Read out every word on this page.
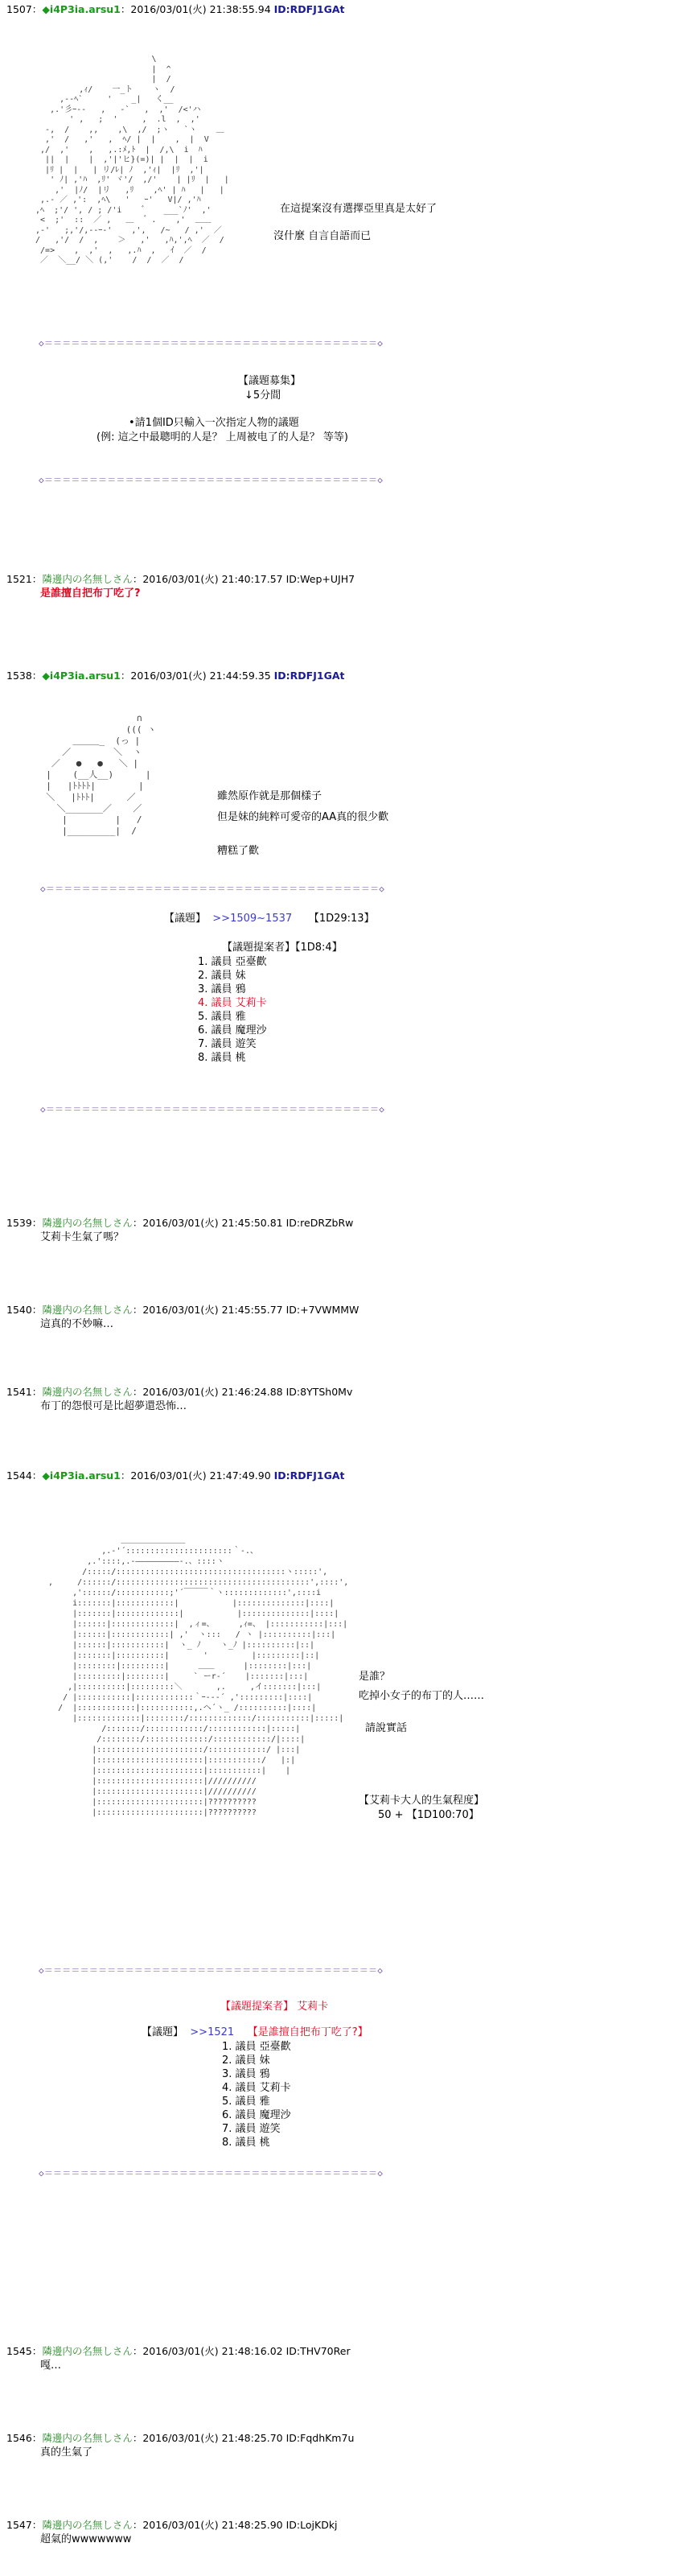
1507：◆i4P3ia.arsu1：2016/03/01(火) 21:38:55.94 ID:RDFJ1GAt
\
|  ^
|  /
,ｨ/    一_ト    ヽ  /
,--ﾍ`     '    _|   く__
,.'彡ｰ--   ,   -`   ,  ,'  /<'ハ
' ,   ;  '     ,  .l  ,  ,'
-,  /    ,,    ,\  ,/  ;ヽ   `ヽ    ＿
,'  /   ,'   ,  ﾍ/ |  |    ,  |  V
,/  ,'    ,   ,.:ﾒ,ﾄ  |  /,\  i  ﾊ
||  |    |  ,'|'ヒ}(=)| |  |  |  i
|ﾘ |  |   | リ/ﾚ| ﾉ  ,'ｨ|  |ﾘ  ,'|
' ﾉ| ,'ﾊ  ,ﾘ' ヾ'/  ,/'    | |ﾘ  |   |
,'  |ﾉ/  |リ   ,ﾘ    ,ﾍ' | ﾊ   |   |
,.- ／ ,':  ,ﾍ\   '   ｰ'   V|/ ,'ﾊ
,ﾍ  ;'/ ', / ; /'i    ゛   ___`ﾉ'  ,'
<  ;'  ::  ／ ,   ＿  ゛.    ,'  ＿＿
,‐'   ;,'/,--ｰ-'    ,',   /~   / ,'  ／
/   ,'/  /  ,    ＞   ,'   ,ﾊ,',ﾍ  ／  /
/=>    ,  ,'  ,   ,.ﾊ  ,   ｲ  ／  /
／  ＼__/ ＼ (,'    /  /  ／  /
在這提案沒有選擇亞里真是太好了
沒什麼 自言自語而已
◇＝＝＝＝＝＝＝＝＝＝＝＝＝＝＝＝＝＝＝＝＝＝＝＝＝＝＝＝＝＝＝＝＝＝＝＝＝◇
【議題募集】
↓5分間
•請1個ID只輸入一次指定人物的議題
(例: 這之中最聰明的人是？ 上周被电了的人是？ 等等)
◇＝＝＝＝＝＝＝＝＝＝＝＝＝＝＝＝＝＝＝＝＝＝＝＝＝＝＝＝＝＝＝＝＝＝＝＝＝◇
1521：隣邊内の名無しさん：2016/03/01(火) 21:40:17.57 ID:Wep+UJH7
是誰擅自把布丁吃了?
1538：◆i4P3ia.arsu1：2016/03/01(火) 21:44:59.35 ID:RDFJ1GAt
∩
((( ヽ
＿＿＿_  (っ |
／        ＼  ヽ
／   ●   ●   ＼ |
|    (__人__)      |
|   |ﾄﾄﾄﾄ|        |
＼   |ﾄﾄﾄ|      ／
＼_______／    ／
|         |   /
|_________|  /
雖然原作就是那個樣子
但是妹的純粹可愛帝的AA真的很少歡
糟糕了歡
◇＝＝＝＝＝＝＝＝＝＝＝＝＝＝＝＝＝＝＝＝＝＝＝＝＝＝＝＝＝＝＝＝＝＝＝＝＝◇
【議題】 >>1509~1537 【1D29:13】
【議題提案者】【1D8:4】
1. 議員 亞臺歡
2. 議員 妹
3. 議員 鴉
4. 議員 艾莉卡
5. 議員 雅
6. 議員 魔理沙
7. 議員 遊笑
8. 議員 桃
◇＝＝＝＝＝＝＝＝＝＝＝＝＝＝＝＝＝＝＝＝＝＝＝＝＝＝＝＝＝＝＝＝＝＝＝＝＝◇
1539：隣邊内の名無しさん：2016/03/01(火) 21:45:50.81 ID:reDRZbRw
艾莉卡生氣了嗎？
1540：隣邊内の名無しさん：2016/03/01(火) 21:45:55.77 ID:+7VWMMW
這真的不妙嘛…
1541：隣邊内の名無しさん：2016/03/01(火) 21:46:24.88 ID:8YTSh0Mv
布丁的怨恨可是比超夢還恐怖…
1544：◆i4P3ia.arsu1：2016/03/01(火) 21:47:49.90 ID:RDFJ1GAt
＿＿＿＿＿＿＿＿
,.‐'´::::::::::::::::::::::｀‐.、
,.'::::,.-―――――――――-.、::::ヽ
/:::::/:::::::::::::::::::::::::::::::::::ヽ:::::',
,     /::::::/::::::::::::::::::::::::::::::::::::::::',::::',
,'::::::/:::::::::::;'´￣￣￣｀ヽ:::::::::::::',::::i
i:::::::|::::::::::::|           |::::::::::::::|::::|
|:::::::|:::::::::::::|           |::::::::::::::|::::|
|::::::|:::::::::::::|  ,ィ=、     ,ｨ=、 |:::::::::::|:::|
|::::::|::::::::::::| ,'  ヽ:::   / ヽ |::::::::::|:::|
|::::::|:::::::::::|  ヽ_ ﾉ    ヽ_ﾉ |::::::::::|::|
|:::::::|::::::::::|       '         |:::::::::|::|
|::::::::|:::::::::|      ＿＿      |::::::::|:::|
|:::::::::|::::::::|     ` ーr‐´    |:::::::|:::|
,|::::::::::|:::::::::＼       ,.     ,イ:::::::|:::|
/ |:::::::::::|::::::::::::｀ｰ--‐´ ,':::::::::|::::|
/  |::::::::::::|:::::::::::,.ヘ´ヽ_ /::::::::::|::::|
|:::::::::::::|::::::::/:::::::::::::/:::::::::::|:::::|
/:::::::/::::::::::::/::::::::::::|:::::|
/::::::::/:::::::::::::/::::::::::::/|::::|
|::::::::::::::::::::::/::::::::::::/ |:::|
|::::::::::::::::::::::|:::::::::::/   |:|
|::::::::::::::::::::::|:::::::::::|    |
|::::::::::::::::::::::|//////////
|::::::::::::::::::::::|//////////
|::::::::::::::::::::::|??????????
|::::::::::::::::::::::|??????????
是誰？
吃掉小女子的布丁的人……
請說實話
【艾莉卡大人的生氣程度】
50 + 【1D100:70】
◇＝＝＝＝＝＝＝＝＝＝＝＝＝＝＝＝＝＝＝＝＝＝＝＝＝＝＝＝＝＝＝＝＝＝＝＝＝◇
【議題提案者】 艾莉卡
【議題】 >>1521 【是誰擅自把布丁吃了?】
1. 議員 亞臺歡
2. 議員 妹
3. 議員 鴉
4. 議員 艾莉卡
5. 議員 雅
6. 議員 魔理沙
7. 議員 遊笑
8. 議員 桃
◇＝＝＝＝＝＝＝＝＝＝＝＝＝＝＝＝＝＝＝＝＝＝＝＝＝＝＝＝＝＝＝＝＝＝＝＝＝◇
1545：隣邊内の名無しさん：2016/03/01(火) 21:48:16.02 ID:THV70Rer
嘎…
1546：隣邊内の名無しさん：2016/03/01(火) 21:48:25.70 ID:FqdhKm7u
真的生氣了
1547：隣邊内の名無しさん：2016/03/01(火) 21:48:25.90 ID:LojKDkj
超氣的wwwwwww
